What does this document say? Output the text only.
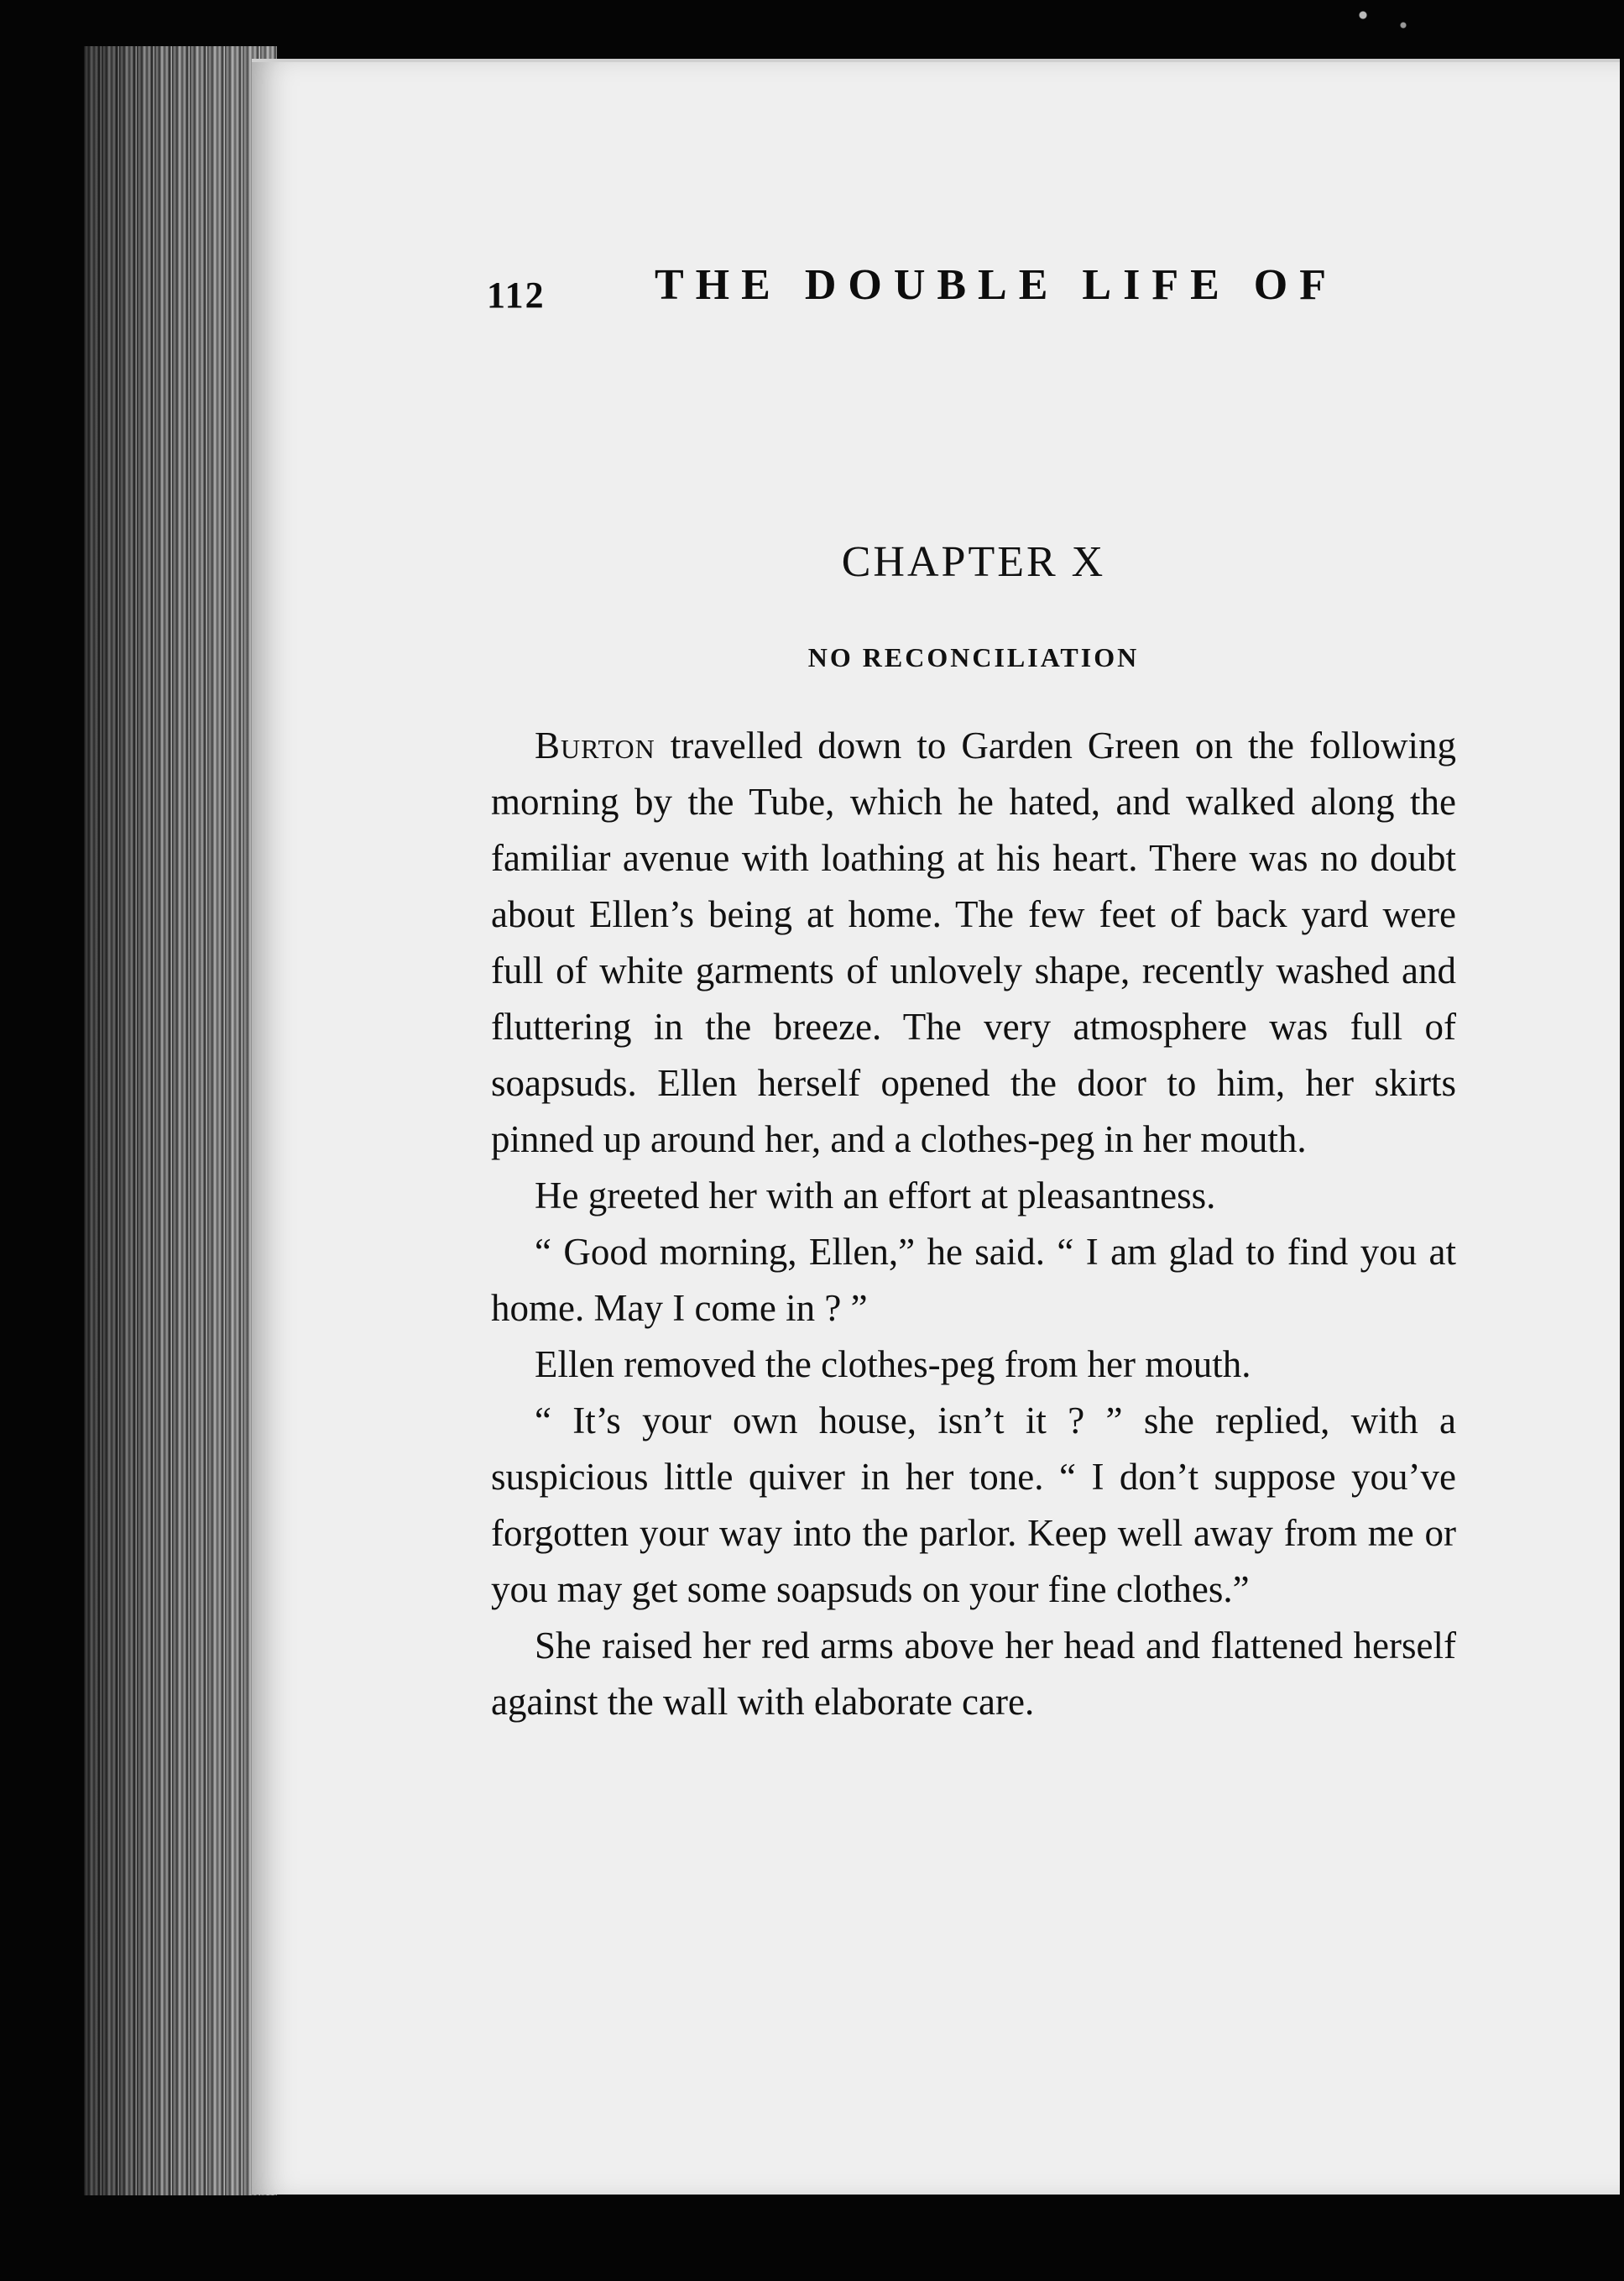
112	THE DOUBLE LIFE OF
CHAPTER X
NO RECONCILIATION

Burton travelled down to Garden Green on the following morning by the Tube, which he hated, and walked along the familiar avenue with loathing at his heart. There was no doubt about Ellen’s being at home. The few feet of back yard were full of white garments of unlovely shape, recently washed and fluttering in the breeze. The very atmosphere was full of soapsuds. Ellen herself opened the door to him, her skirts pinned up around her, and a clothes-peg in her mouth.

He greeted her with an effort at pleasantness.

“ Good morning, Ellen,” he said. “ I am glad to find you at home. May I come in ? ”

Ellen removed the clothes-peg from her mouth.

“ It’s your own house, isn’t it ? ” she replied, with a suspicious little quiver in her tone. “ I don’t suppose you’ve forgotten your way into the parlor. Keep well away from me or you may get some soapsuds on your fine clothes.”

She raised her red arms above her head and flattened herself against the wall with elaborate care.
